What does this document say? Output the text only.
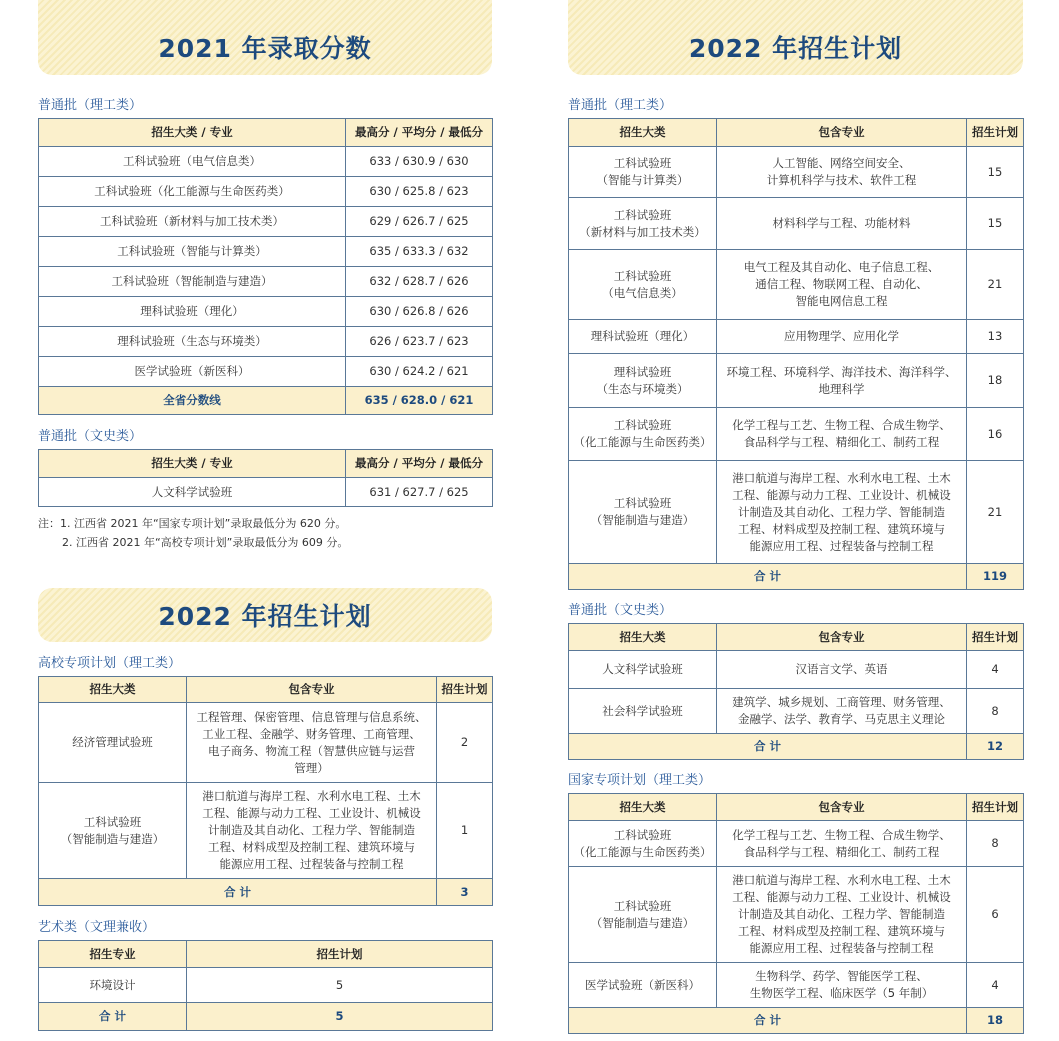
2021 年录取分数	2022 年招生计划
2022 年招生计划
普通批（理工类）
普通批（文史类）
高校专项计划（理工类）
艺术类（文理兼收）
普通批（理工类）
普通批（文史类）
国家专项计划（理工类）
注：1. 江西省 2021 年“国家专项计划”录取最低分为 620 分。
2. 江西省 2021 年“高校专项计划”录取最低分为 609 分。
招生大类 / 专业	最高分 / 平均分 / 最低分
工科试验班（电气信息类）	633 / 630.9 / 630
工科试验班（化工能源与生命医药类）	630 / 625.8 / 623
工科试验班（新材料与加工技术类）	629 / 626.7 / 625
工科试验班（智能与计算类）	635 / 633.3 / 632
工科试验班（智能制造与建造）	632 / 628.7 / 626
理科试验班（理化）	630 / 626.8 / 626
理科试验班（生态与环境类）	626 / 623.7 / 623
医学试验班（新医科）	630 / 624.2 / 621
全省分数线	635 / 628.0 / 621
招生大类 / 专业	最高分 / 平均分 / 最低分
人文科学试验班	631 / 627.7 / 625
招生大类	包含专业	招生计划
经济管理试验班	工程管理、保密管理、信息管理与信息系统、
工业工程、金融学、财务管理、工商管理、
电子商务、物流工程（智慧供应链与运营
管理）	2
工科试验班
（智能制造与建造）	港口航道与海岸工程、水利水电工程、土木
工程、能源与动力工程、工业设计、机械设
计制造及其自动化、工程力学、智能制造
工程、材料成型及控制工程、建筑环境与
能源应用工程、过程装备与控制工程	1
合 计		3
招生专业	招生计划
环境设计	5
合 计	5
招生大类	包含专业	招生计划
工科试验班
（智能与计算类）	人工智能、网络空间安全、
计算机科学与技术、软件工程	15
工科试验班
（新材料与加工技术类）	材料科学与工程、功能材料	15
工科试验班
（电气信息类）	电气工程及其自动化、电子信息工程、
通信工程、物联网工程、自动化、
智能电网信息工程	21
理科试验班（理化）	应用物理学、应用化学	13
理科试验班
（生态与环境类）	环境工程、环境科学、海洋技术、海洋科学、
地理科学	18
工科试验班
（化工能源与生命医药类）	化学工程与工艺、生物工程、合成生物学、
食品科学与工程、精细化工、制药工程	16
工科试验班
（智能制造与建造）	港口航道与海岸工程、水利水电工程、土木
工程、能源与动力工程、工业设计、机械设
计制造及其自动化、工程力学、智能制造
工程、材料成型及控制工程、建筑环境与
能源应用工程、过程装备与控制工程	21
合 计		119
招生大类	包含专业	招生计划
人文科学试验班	汉语言文学、英语	4
社会科学试验班	建筑学、城乡规划、工商管理、财务管理、
金融学、法学、教育学、马克思主义理论	8
合 计		12
招生大类	包含专业	招生计划
工科试验班
（化工能源与生命医药类）	化学工程与工艺、生物工程、合成生物学、
食品科学与工程、精细化工、制药工程	8
工科试验班
（智能制造与建造）	港口航道与海岸工程、水利水电工程、土木
工程、能源与动力工程、工业设计、机械设
计制造及其自动化、工程力学、智能制造
工程、材料成型及控制工程、建筑环境与
能源应用工程、过程装备与控制工程	6
医学试验班（新医科）	生物科学、药学、智能医学工程、
生物医学工程、临床医学（5 年制）	4
合 计		18
